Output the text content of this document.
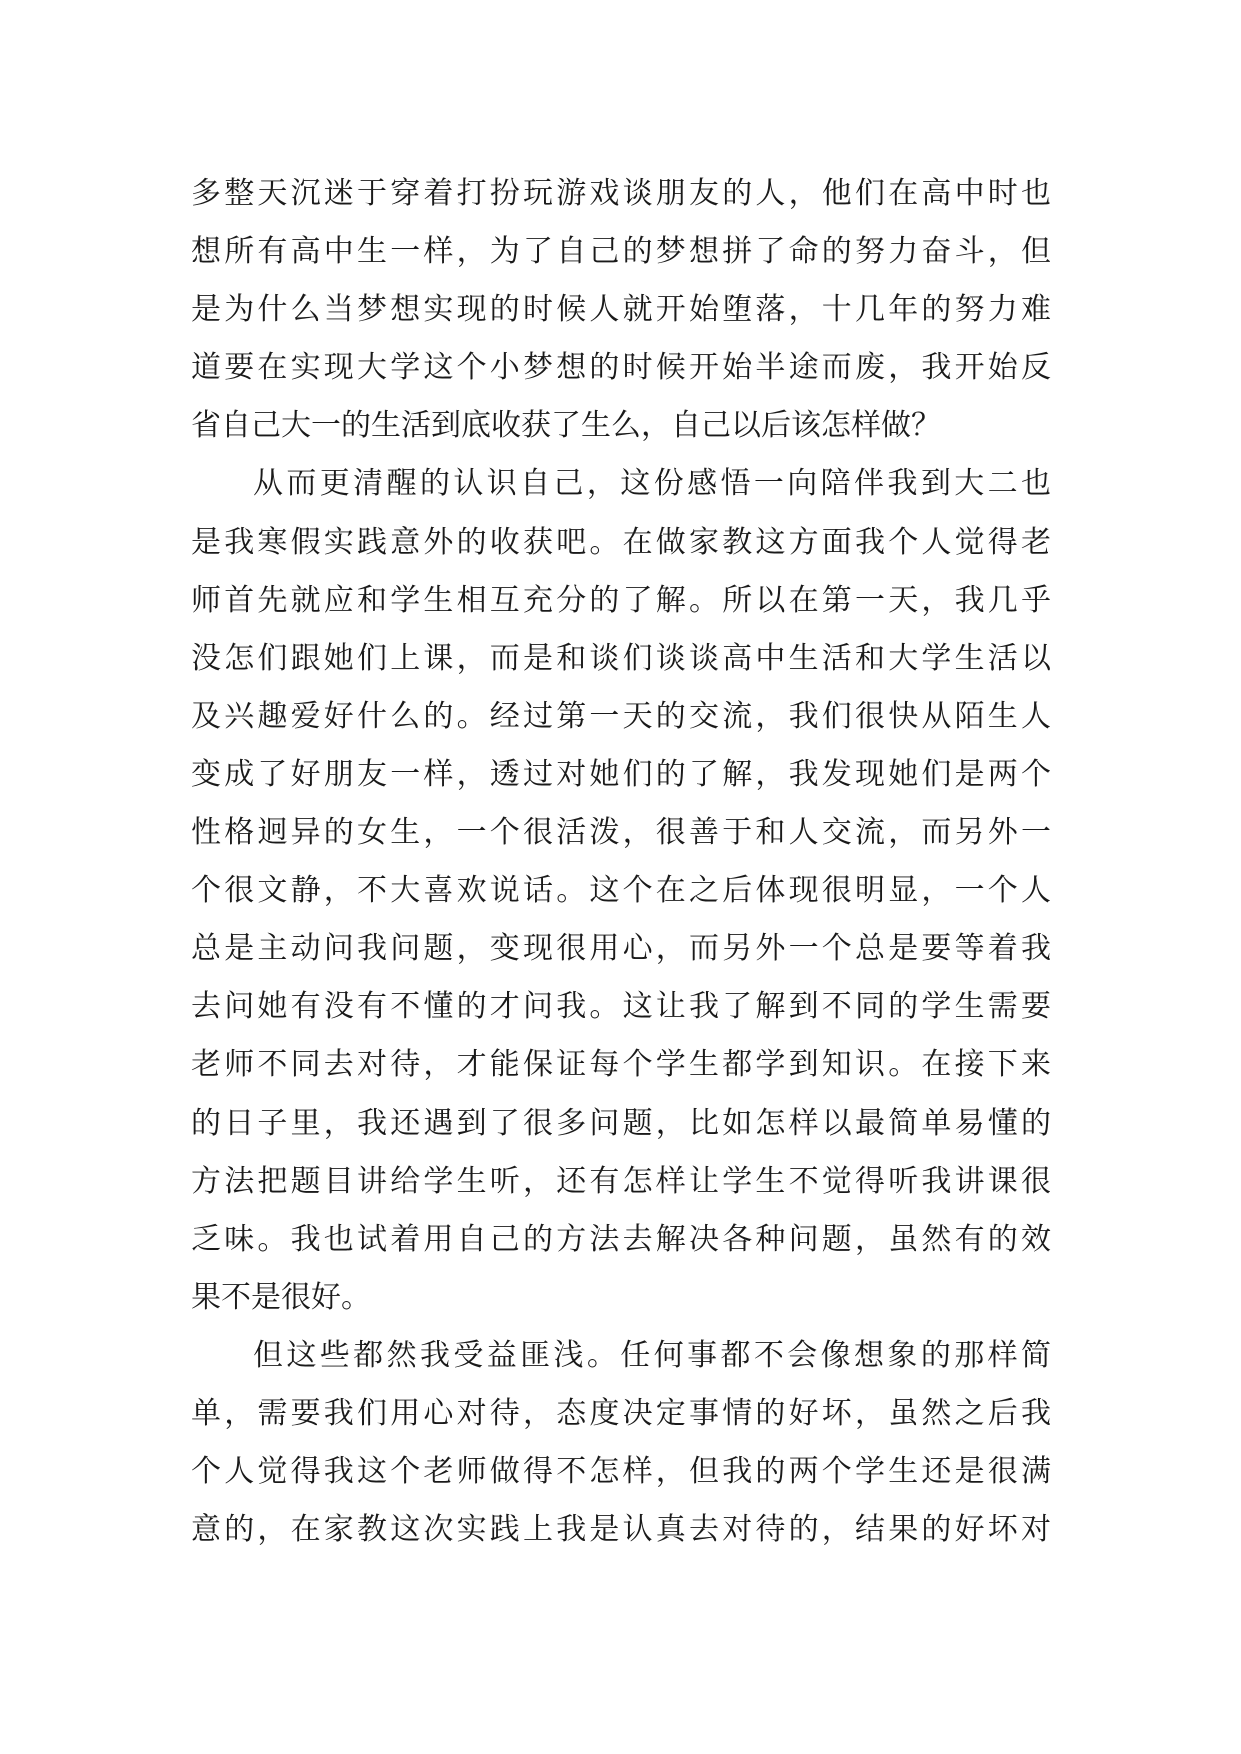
多整天沉迷于穿着打扮玩游戏谈朋友的人，他们在高中时也
想所有高中生一样，为了自己的梦想拼了命的努力奋斗，但
是为什么当梦想实现的时候人就开始堕落，十几年的努力难
道要在实现大学这个小梦想的时候开始半途而废，我开始反
省自己大一的生活到底收获了生么，自己以后该怎样做？
从而更清醒的认识自己，这份感悟一向陪伴我到大二也
是我寒假实践意外的收获吧。在做家教这方面我个人觉得老
师首先就应和学生相互充分的了解。所以在第一天，我几乎
没怎们跟她们上课，而是和谈们谈谈高中生活和大学生活以
及兴趣爱好什么的。经过第一天的交流，我们很快从陌生人
变成了好朋友一样，透过对她们的了解，我发现她们是两个
性格迥异的女生，一个很活泼，很善于和人交流，而另外一
个很文静，不大喜欢说话。这个在之后体现很明显，一个人
总是主动问我问题，变现很用心，而另外一个总是要等着我
去问她有没有不懂的才问我。这让我了解到不同的学生需要
老师不同去对待，才能保证每个学生都学到知识。在接下来
的日子里，我还遇到了很多问题，比如怎样以最简单易懂的
方法把题目讲给学生听，还有怎样让学生不觉得听我讲课很
乏味。我也试着用自己的方法去解决各种问题，虽然有的效
果不是很好。
但这些都然我受益匪浅。任何事都不会像想象的那样简
单，需要我们用心对待，态度决定事情的好坏，虽然之后我
个人觉得我这个老师做得不怎样，但我的两个学生还是很满
意的，在家教这次实践上我是认真去对待的，结果的好坏对
